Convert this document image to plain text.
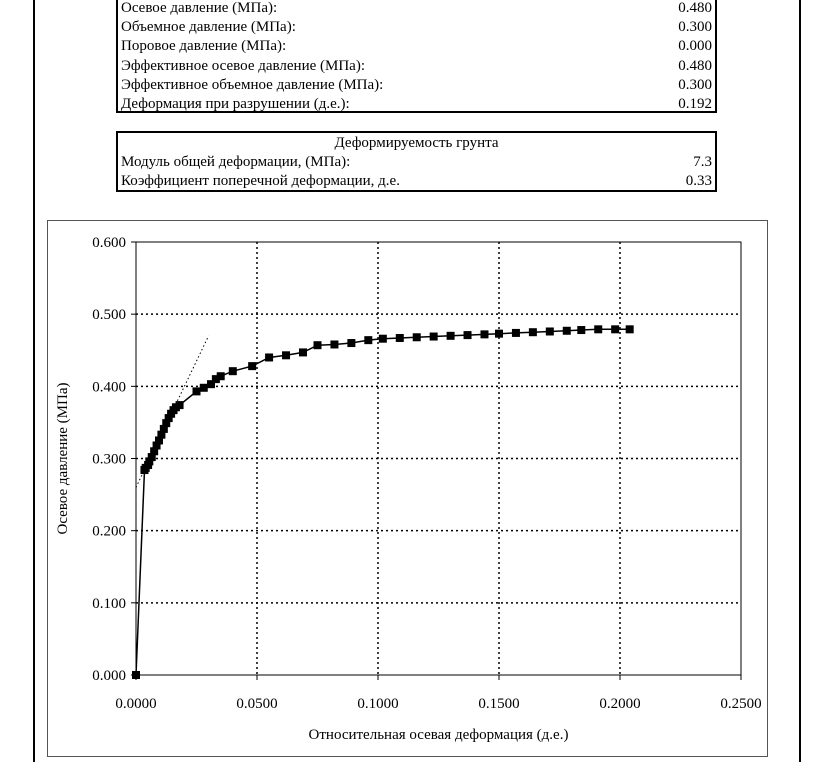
Осевое давление (МПа):	0.480
Объемное давление (МПа):	0.300
Поровое давление (МПа):	0.000
Эффективное осевое давление (МПа):	0.480
Эффективное объемное давление (МПа):	0.300
Деформация при разрушении (д.е.):	0.192
Деформируемость грунта
Модуль общей деформации, (МПа):	7.3
Коэффициент поперечной деформации, д.е.	0.33
0.0000	0.0500	0.1000	0.1500	0.2000	0.2500
0.000
0.100
0.200
0.300
0.400
0.500
0.600
Относительная осевая деформация (д.е.)
Осевое давление (МПа)
